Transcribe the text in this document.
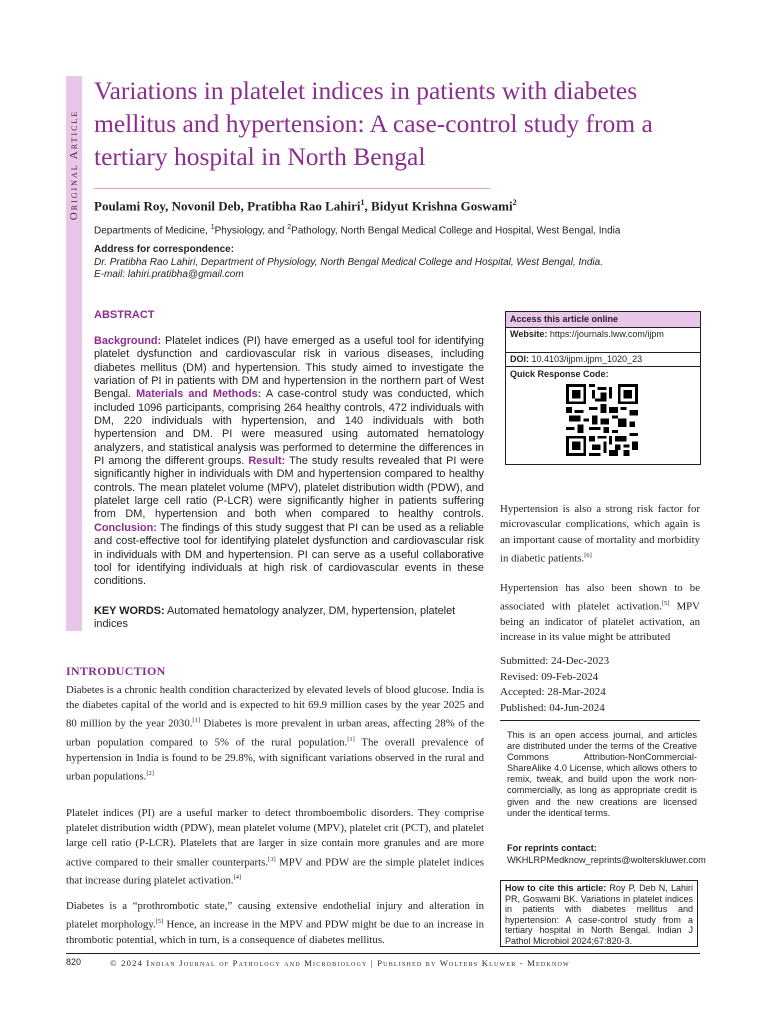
Original Article
Variations in platelet indices in patients with diabetes mellitus and hypertension: A case-control study from a tertiary hospital in North Bengal
Poulami Roy, Novonil Deb, Pratibha Rao Lahiri$^1$, Bidyut Krishna Goswami$^2$
Departments of Medicine, $^1$Physiology, and $^2$Pathology, North Bengal Medical College and Hospital, West Bengal, India
Address for correspondence:
Dr. Pratibha Rao Lahiri, Department of Physiology, North Bengal Medical College and Hospital, West Bengal, India.
E-mail: lahiri.pratibha@gmail.com
ABSTRACT

Background: Platelet indices (PI) have emerged as a useful tool for identifying platelet dysfunction and cardiovascular risk in various diseases, including diabetes mellitus (DM) and hypertension. This study aimed to investigate the variation of PI in patients with DM and hypertension in the northern part of West Bengal. Materials and Methods: A case-control study was conducted, which included 1096 participants, comprising 264 healthy controls, 472 individuals with DM, 220 individuals with hypertension, and 140 individuals with both hypertension and DM. PI were measured using automated hematology analyzers, and statistical analysis was performed to determine the differences in PI among the different groups. Result: The study results revealed that PI were significantly higher in individuals with DM and hypertension compared to healthy controls. The mean platelet volume (MPV), platelet distribution width (PDW), and platelet large cell ratio (P-LCR) were significantly higher in patients suffering from DM, hypertension and both when compared to healthy controls. Conclusion: The findings of this study suggest that PI can be used as a reliable and cost-effective tool for identifying platelet dysfunction and cardiovascular risk in individuals with DM and hypertension. PI can serve as a useful collaborative tool for identifying individuals at high risk of cardiovascular events in these conditions.

KEY WORDS: Automated hematology analyzer, DM, hypertension, platelet indices
INTRODUCTION

Diabetes is a chronic health condition characterized by elevated levels of blood glucose. India is the diabetes capital of the world and is expected to hit 69.9 million cases by the year 2025 and 80 million by the year 2030.[1] Diabetes is more prevalent in urban areas, affecting 28% of the urban population compared to 5% of the rural population.[1] The overall prevalence of hypertension in India is found to be 29.8%, with significant variations observed in the rural and urban populations.[2]

Platelet indices (PI) are a useful marker to detect thromboembolic disorders. They comprise platelet distribution width (PDW), mean platelet volume (MPV), platelet crit (PCT), and platelet large cell ratio (P-LCR). Platelets that are larger in size contain more granules and are more active compared to their smaller counterparts.[3] MPV and PDW are the simple platelet indices that increase during platelet activation.[4]

Diabetes is a “prothrombotic state,” causing extensive endothelial injury and alteration in platelet morphology.[5] Hence, an increase in the MPV and PDW might be due to an increase in thrombotic potential, which in turn, is a consequence of diabetes mellitus.

Access this article online
Website: https://journals.lww.com/ijpm
DOI: 10.4103/ijpm.ijpm_1020_23
Quick Response Code:

Hypertension is also a strong risk factor for microvascular complications, which again is an important cause of mortality and morbidity in diabetic patients.[6]

Hypertension has also been shown to be associated with platelet activation.[5] MPV being an indicator of platelet activation, an increase in its value might be attributed

Submitted: 24-Dec-2023
Revised: 09-Feb-2024
Accepted: 28-Mar-2024
Published: 04-Jun-2024

This is an open access journal, and articles are distributed under the terms of the Creative Commons Attribution-NonCommercial-ShareAlike 4.0 License, which allows others to remix, tweak, and build upon the work non-commercially, as long as appropriate credit is given and the new creations are licensed under the identical terms.

For reprints contact: WKHLRPMedknow_reprints@wolterskluwer.com
How to cite this article: Roy P, Deb N, Lahiri PR, Goswami BK. Variations in platelet indices in patients with diabetes mellitus and hypertension: A case-control study from a tertiary hospital in North Bengal. Indian J Pathol Microbiol 2024;67:820-3.
820	© 2024 Indian Journal of Pathology and Microbiology | Published by Wolters Kluwer - Medknow
